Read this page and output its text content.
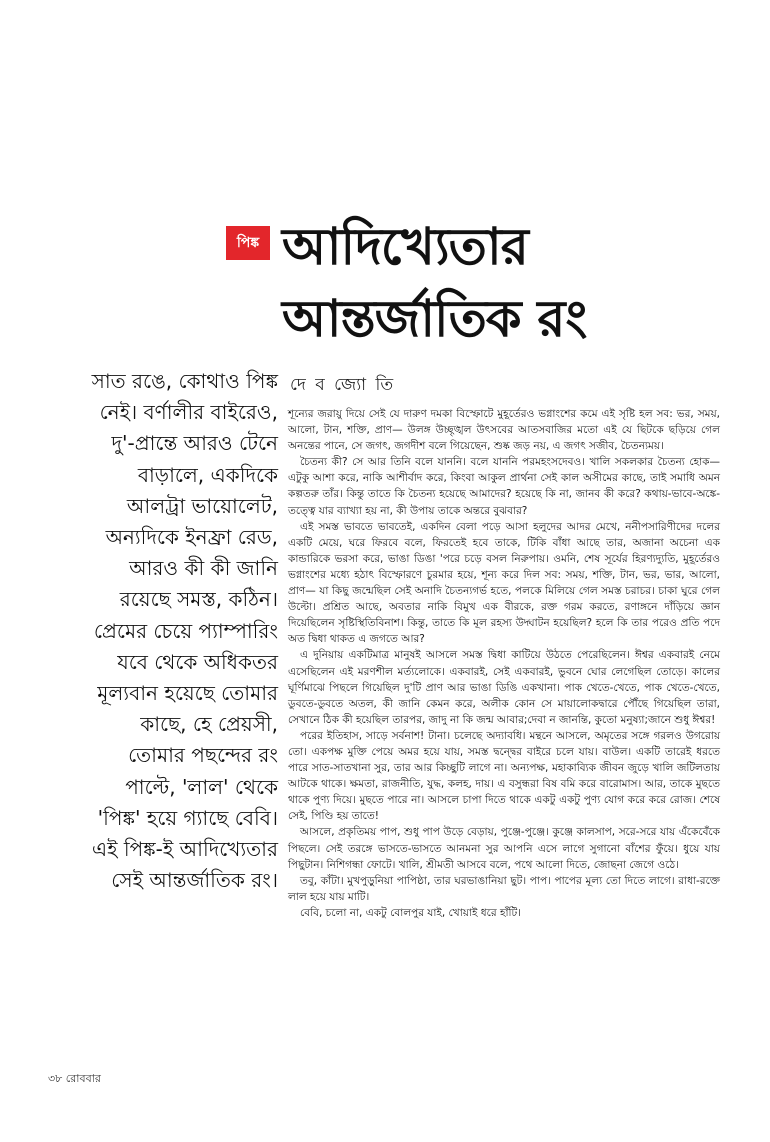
পিঙ্ক আদিখ্যেতার
আন্তর্জাতিক রং
সাত রঙে, কোথাও পিঙ্ক
নেই। বর্ণালীর বাইরেও,
দু'-প্রান্তে আরও টেনে
বাড়ালে, একদিকে
আলট্রা ভায়োলেট,
অন্যদিকে ইনফ্রা রেড,
আরও কী কী জানি
রয়েছে সমস্ত, কঠিন।
প্রেমের চেয়ে প্যাম্পারিং
যবে থেকে অধিকতর
মূল্যবান হয়েছে তোমার
কাছে, হে প্রেয়সী,
তোমার পছন্দের রং
পাল্টে, 'লাল' থেকে
'পিঙ্ক' হয়ে গ্যাছে বেবি।
এই পিঙ্ক-ই আদিখ্যেতার
সেই আন্তর্জাতিক রং।
দে ব জ্যো তি

শূন্যের জরায়ু দিয়ে সেই যে দারুণ দমকা বিস্ফোটে মুহূর্তেরও ভগ্নাংশের কমে এই সৃষ্টি হল সব: ভর, সময়, আলো, টান, শক্তি, প্রাণ— উলঙ্গ উচ্ছৃঙ্খল উৎসবের আতসবাজির মতো এই যে ছিটকে ছড়িয়ে গেল অনন্তের পানে, সে জগৎ, জগদীশ বলে গিয়েছেন, শুষ্ক জড় নয়, এ জগৎ সজীব, চৈতন্যময়।

চৈতন্য কী? সে আর তিনি বলে যাননি। বলে যাননি পরমহংসদেবও। খালি সকলকার চৈতন্য হোক— এটুকু আশা করে, নাকি আশীর্বাদ করে, কিংবা আকুল প্রার্থনা সেই কাল অসীমের কাছে, তাই সমাধি অমন কল্পতরু তাঁর। কিন্তু তাতে কি চৈতন্য হয়েছে আমাদের? হয়েছে কি না, জানব কী করে? কথায়-ভাবে-অঙ্কে-তত্ত্বে যার ব্যাখ্যা হয় না, কী উপায় তাকে অন্তরে বুঝবার?

এই সমস্ত ভাবতে ভাবতেই, একদিন বেলা পড়ে আসা হলুদের আদর মেখে, ননীপসারিণীদের দলের একটি মেয়ে, ঘরে ফিরবে বলে, ফিরতেই হবে তাকে, টিকি বাঁধা আছে তার, অজানা অচেনা এক কান্ডারিকে ভরসা করে, ভাঙা ডিঙা 'পরে চড়ে বসল নিরুপায়। ওমনি, শেষ সূর্যের হিরণ্যদ্যুতি, মুহূর্তেরও ভগ্নাংশের মধ্যে হঠাৎ বিস্ফোরণে চুরমার হয়ে, শূন্য করে দিল সব: সময়, শক্তি, টান, ভর, ভার, আলো, প্রাণ— যা কিছু জন্মেছিল সেই অনাদি চৈতন্যগর্ভ হতে, পলকে মিলিয়ে গেল সমস্ত চরাচর। চাকা ঘুরে গেল উল্টো। প্রশ্রিত আছে, অবতার নাকি বিমুখ এক বীরকে, রক্ত গরম করতে, রণাঙ্গনে দাঁড়িয়ে জ্ঞান দিয়েছিলেন সৃষ্টিস্থিতিবিনাশ। কিন্তু, তাতে কি মূল রহস্য উদ্ঘাটন হয়েছিল? হলে কি তার পরেও প্রতি পদে অত দ্বিধা থাকত এ জগতে আর?

এ দুনিয়ায় একটিমাত্র মানুষই আসলে সমস্ত দ্বিধা কাটিয়ে উঠতে পেরেছিলেন। ঈশ্বর একবারই নেমে এসেছিলেন এই মরণশীল মর্ত্যলোকে। একবারই, সেই একবারই, ভুবনে ঘোর লেগেছিল তোড়ে। কালের ঘূর্ণিমাঝে পিছলে গিয়েছিল দু'টি প্রাণ আর ভাঙা ডিঙি একখানা। পাক খেতে-খেতে, পাক খেতে-খেতে, ডুবতে-ডুবতে অতল, কী জানি কেমন করে, অলীক কোন সে মায়ালোকদ্বারে পৌঁছে গিয়েছিল তারা, সেখানে ঠিক কী হয়েছিল তারপর, জাদু না কি জন্ম আবার;দেবা ন জানন্তি, কুতো মনুষ্যা;জানে শুধু ঈশ্বর!

পরের ইতিহাস, সাড়ে সর্বনাশ! টানা। চলেছে অদ্যাবধি। মন্থনে আসলে, অমৃতের সঙ্গে গরলও উগরোয় তো। একপক্ষ মুক্তি পেয়ে অমর হয়ে যায়, সমস্ত দ্বন্দ্বের বাইরে চলে যায়। বাউল। একটি তারেই ধরতে পারে সাত-সাতখানা সুর, তার আর কিচ্ছুটি লাগে না। অন্যপক্ষ, মহাকাব্যিক জীবন জুড়ে খালি জটিলতায় আটকে থাকে। ক্ষমতা, রাজনীতি, যুদ্ধ, কলহ, দায়। এ বসুন্ধরা বিষ বমি করে বারোমাস। আর, তাকে মুছতে থাকে পুণ্য দিয়ে। মুছতে পারে না। আসলে চাপা দিতে থাকে একটু একটু পুণ্য যোগ করে করে রোজ। শেষে সেই, পিণ্ডি হয় তাতে!

আসলে, প্রকৃতিময় পাপ, শুধু পাপ উড়ে বেড়ায়, পুঞ্জে-পুঞ্জে। কুঞ্জে কালসাপ, সরে-সরে যায় এঁকেবেঁকে পিছলে। সেই তরঙ্গে ভাসতে-ভাসতে আনমনা সুর আপনি এসে লাগে সুগানো বাঁশের ফুঁয়ে। ধুয়ে যায় পিছুটান। নিশিগন্ধা ফোটে। খালি, শ্রীমতী আসবে বলে, পথে আলো দিতে, জোছনা জেগে ওঠে।

তবু, কাঁটা। মুখপুড়ুনিয়া পাপিষ্ঠা, তার ঘরভাঙানিয়া ছুট। পাপ। পাপের মূল্য তো দিতে লাগে। রাধা-রক্তে লাল হয়ে যায় মাটি।

বেবি, চলো না, একটু বোলপুর যাই, খোয়াই ধরে হাঁটি।

৩৮ রোববার
